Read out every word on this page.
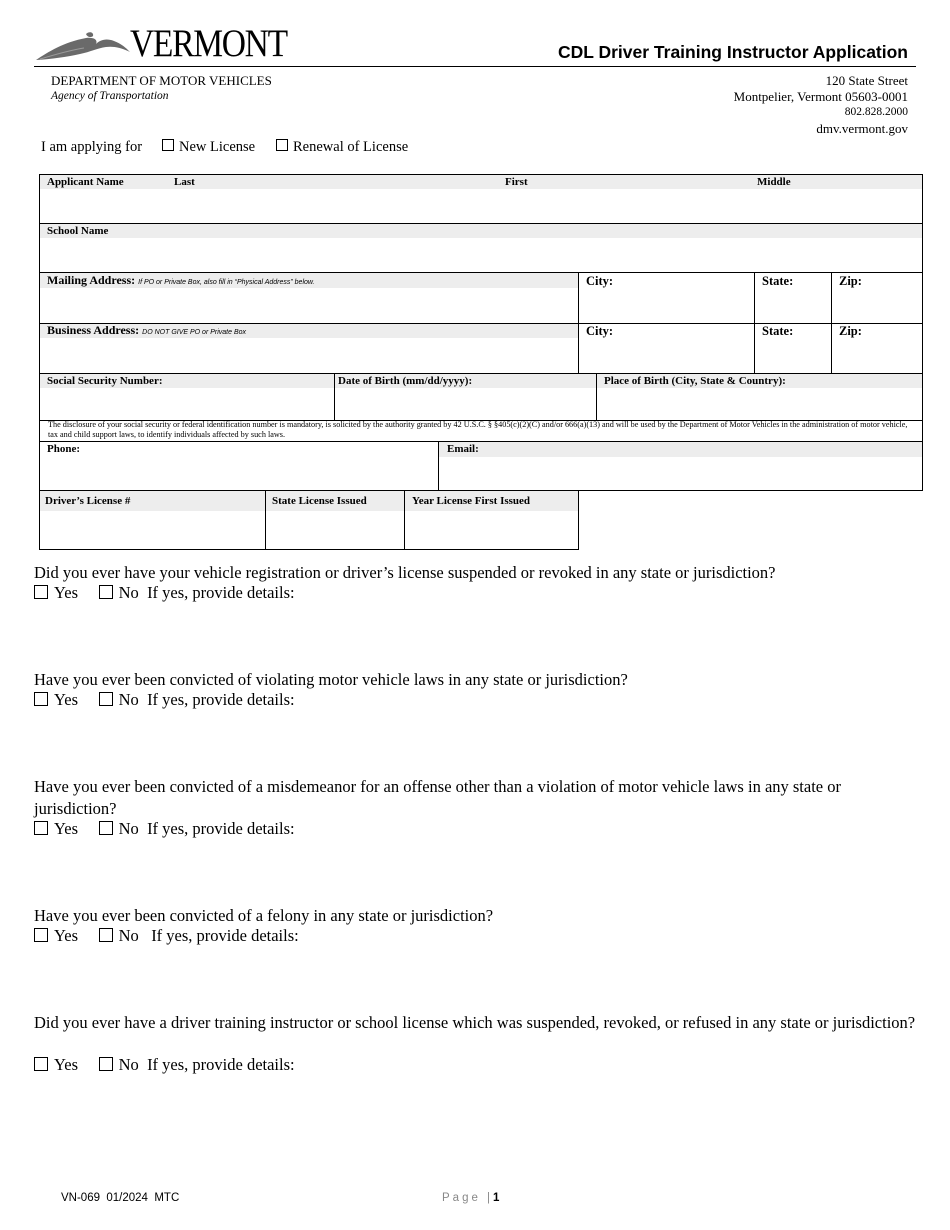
VERMONT	CDL Driver Training Instructor Application
DEPARTMENT OF MOTOR VEHICLES
Agency of Transportation
120 State Street
Montpelier, Vermont 05603-0001
802.828.2000
dmv.vermont.gov
I am applying for	New License	Renewal of License
Applicant Name	Last	First	Middle
School Name
Mailing Address: If PO or Private Box, also fill in “Physical Address” below.	City:	State:	Zip:
Business Address: DO NOT GIVE PO or Private Box	City:	State:	Zip:
Social Security Number:	Date of Birth (mm/dd/yyyy):	Place of Birth (City, State & Country):
Phone:	Email:
The disclosure of your social security or federal identification number is mandatory, is solicited by the authority granted by 42 U.S.C. § §405(c)(2)(C) and/or 666(a)(13) and will be used by the Department of Motor Vehicles in the administration of motor vehicle, tax and child support laws, to identify individuals affected by such laws.
Driver’s License #	State License Issued	Year License First Issued
Did you ever have your vehicle registration or driver’s license suspended or revoked in any state or jurisdiction?
Yes No If yes, provide details:
Have you ever been convicted of violating motor vehicle laws in any state or jurisdiction?
Yes No If yes, provide details:
Have you ever been convicted of a misdemeanor for an offense other than a violation of motor vehicle laws in any state or jurisdiction?
Yes No If yes, provide details:
Have you ever been convicted of a felony in any state or jurisdiction?
Yes No If yes, provide details:
Did you ever have a driver training instructor or school license which was suspended, revoked, or refused in any state or jurisdiction?
Yes No If yes, provide details:
VN-069  01/2024  MTC	Page |1
